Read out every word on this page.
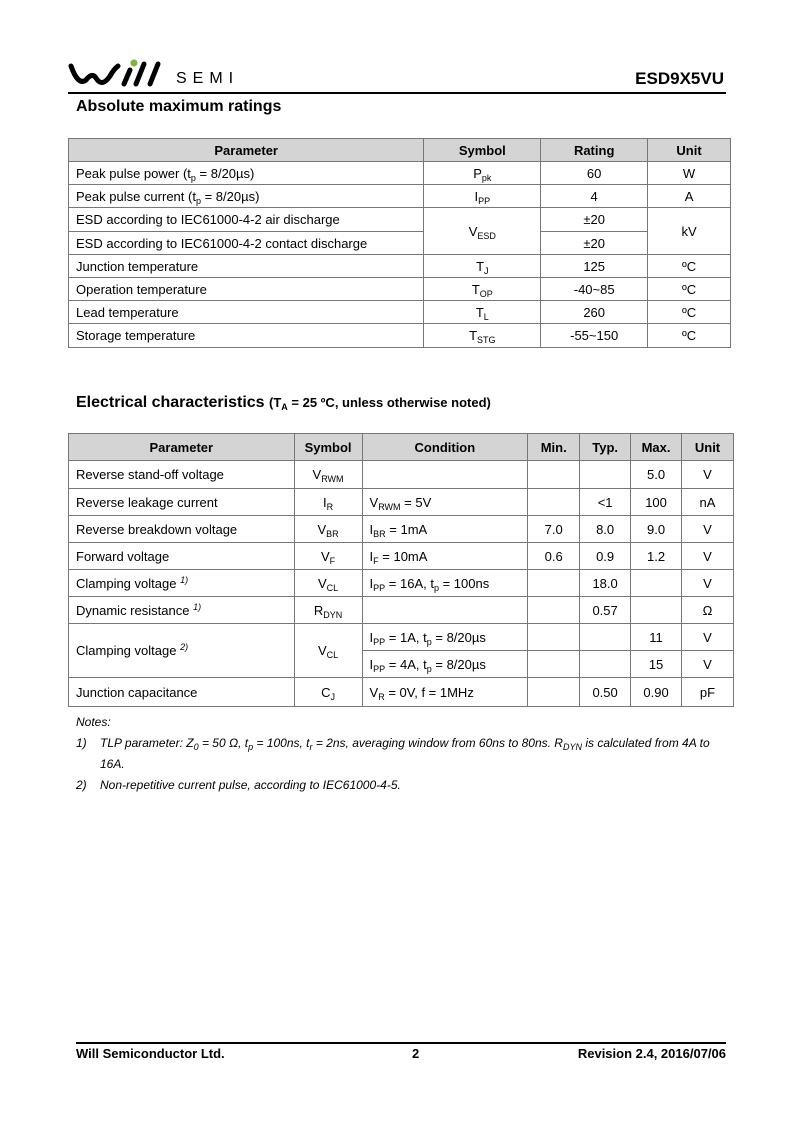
SEMI	ESD9X5VU
Absolute maximum ratings
Parameter	Symbol	Rating	Unit
Peak pulse power $(t_p = 8/20\mu s)$	$P_{pk}$	60	W
Peak pulse current $(t_p = 8/20\mu s)$	$I_{PP}$	4	A
ESD according to IEC61000-4-2 air discharge	$V_{ESD}$	±20	kV
ESD according to IEC61000-4-2 contact discharge		±20	
Junction temperature	$T_J$	125	ºC
Operation temperature	$T_{OP}$	-40~85	ºC
Lead temperature	$T_L$	260	ºC
Storage temperature	$T_{STG}$	-55~150	ºC
Electrical characteristics ($T_A = 25$ ºC, unless otherwise noted)
Parameter	Symbol	Condition	Min.	Typ.	Max.	Unit
Reverse stand-off voltage	$V_{RWM}$				5.0	V
Reverse leakage current	$I_R$	$V_{RWM} = 5V$		<1	100	nA
Reverse breakdown voltage	$V_{BR}$	$I_{BR} = 1mA$	7.0	8.0	9.0	V
Forward voltage	$V_F$	$I_F = 10mA$	0.6	0.9	1.2	V
Clamping voltage $^{1)}$	$V_{CL}$	$I_{PP} = 16A$, $t_p = 100ns$		18.0		V
Dynamic resistance $^{1)}$	$R_{DYN}$			0.57		Ω
Clamping voltage $^{2)}$	$V_{CL}$	$I_{PP} = 1A$, $t_p = 8/20\mu s$			11	V
		$I_{PP} = 4A$, $t_p = 8/20\mu s$			15	V
Junction capacitance	$C_J$	$V_R = 0V$, f = 1MHz		0.50	0.90	pF
Notes:
1)	TLP parameter: $Z_0 = 50$ Ω, $t_p = 100ns$, $t_r = 2ns$, averaging window from 60ns to 80ns. $R_{DYN}$ is calculated from 4A to 16A.
2)	Non-repetitive current pulse, according to IEC61000-4-5.
Will Semiconductor Ltd.	2	Revision 2.4, 2016/07/06
